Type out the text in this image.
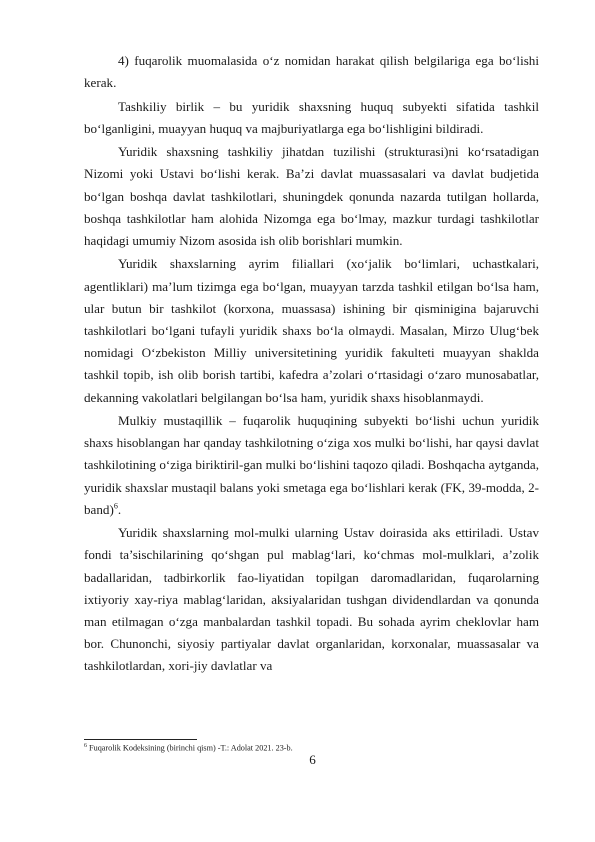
4) fuqarolik muomalasida o‘z nomidan harakat qilish belgilariga ega bo‘lishi kerak.

Tashkiliy birlik – bu yuridik shaxsning huquq subyekti sifatida tashkil bo‘lganligini, muayyan huquq va majburiyatlarga ega bo‘lishligini bildiradi.

Yuridik shaxsning tashkiliy jihatdan tuzilishi (strukturasi)ni ko‘rsatadigan Nizomi yoki Ustavi bo‘lishi kerak. Ba’zi davlat muassasalari va davlat budjetida bo‘lgan boshqa davlat tashkilotlari, shuningdek qonunda nazarda tutilgan hollarda, boshqa tashkilotlar ham alohida Nizomga ega bo‘lmay, mazkur turdagi tashkilotlar haqidagi umumiy Nizom asosida ish olib borishlari mumkin.

Yuridik shaxslarning ayrim filiallari (xo‘jalik bo‘limlari, uchastkalari, agentliklari) ma’lum tizimga ega bo‘lgan, muayyan tarzda tashkil etilgan bo‘lsa ham, ular butun bir tashkilot (korxona, muassasa) ishining bir qisminigina bajaruvchi tashkilotlari bo‘lgani tufayli yuridik shaxs bo‘la olmaydi. Masalan, Mirzo Ulug‘bek nomidagi O‘zbekiston Milliy universitetining yuridik fakulteti muayyan shaklda tashkil topib, ish olib borish tartibi, kafedra a’zolari o‘rtasidagi o‘zaro munosabatlar, dekanning vakolatlari belgilangan bo‘lsa ham, yuridik shaxs hisoblanmaydi.

Mulkiy mustaqillik – fuqarolik huquqining subyekti bo‘lishi uchun yuridik shaxs hisoblangan har qanday tashkilotning o‘ziga xos mulki bo‘lishi, har qaysi davlat tashkilotining o‘ziga biriktiril-gan mulki bo‘lishini taqozo qiladi. Boshqacha aytganda, yuridik shaxslar mustaqil balans yoki smetaga ega bo‘lishlari kerak (FK, 39-modda, 2-band)$^6$.

Yuridik shaxslarning mol-mulki ularning Ustav doirasida aks ettiriladi. Ustav fondi ta’sischilarining qo‘shgan pul mablag‘lari, ko‘chmas mol-mulklari, a’zolik badallaridan, tadbirkorlik fao-liyatidan topilgan daromadlaridan, fuqarolarning ixtiyoriy xay-riya mablag‘laridan, aksiyalaridan tushgan dividendlardan va qonunda man etilmagan o‘zga manbalardan tashkil topadi. Bu sohada ayrim cheklovlar ham bor. Chunonchi, siyosiy partiyalar davlat organlaridan, korxonalar, muassasalar va tashkilotlardan, xori-jiy davlatlar va

$^6$ Fuqarolik Kodeksining (birinchi qism) -T.: Adolat 2021. 23-b.
6
